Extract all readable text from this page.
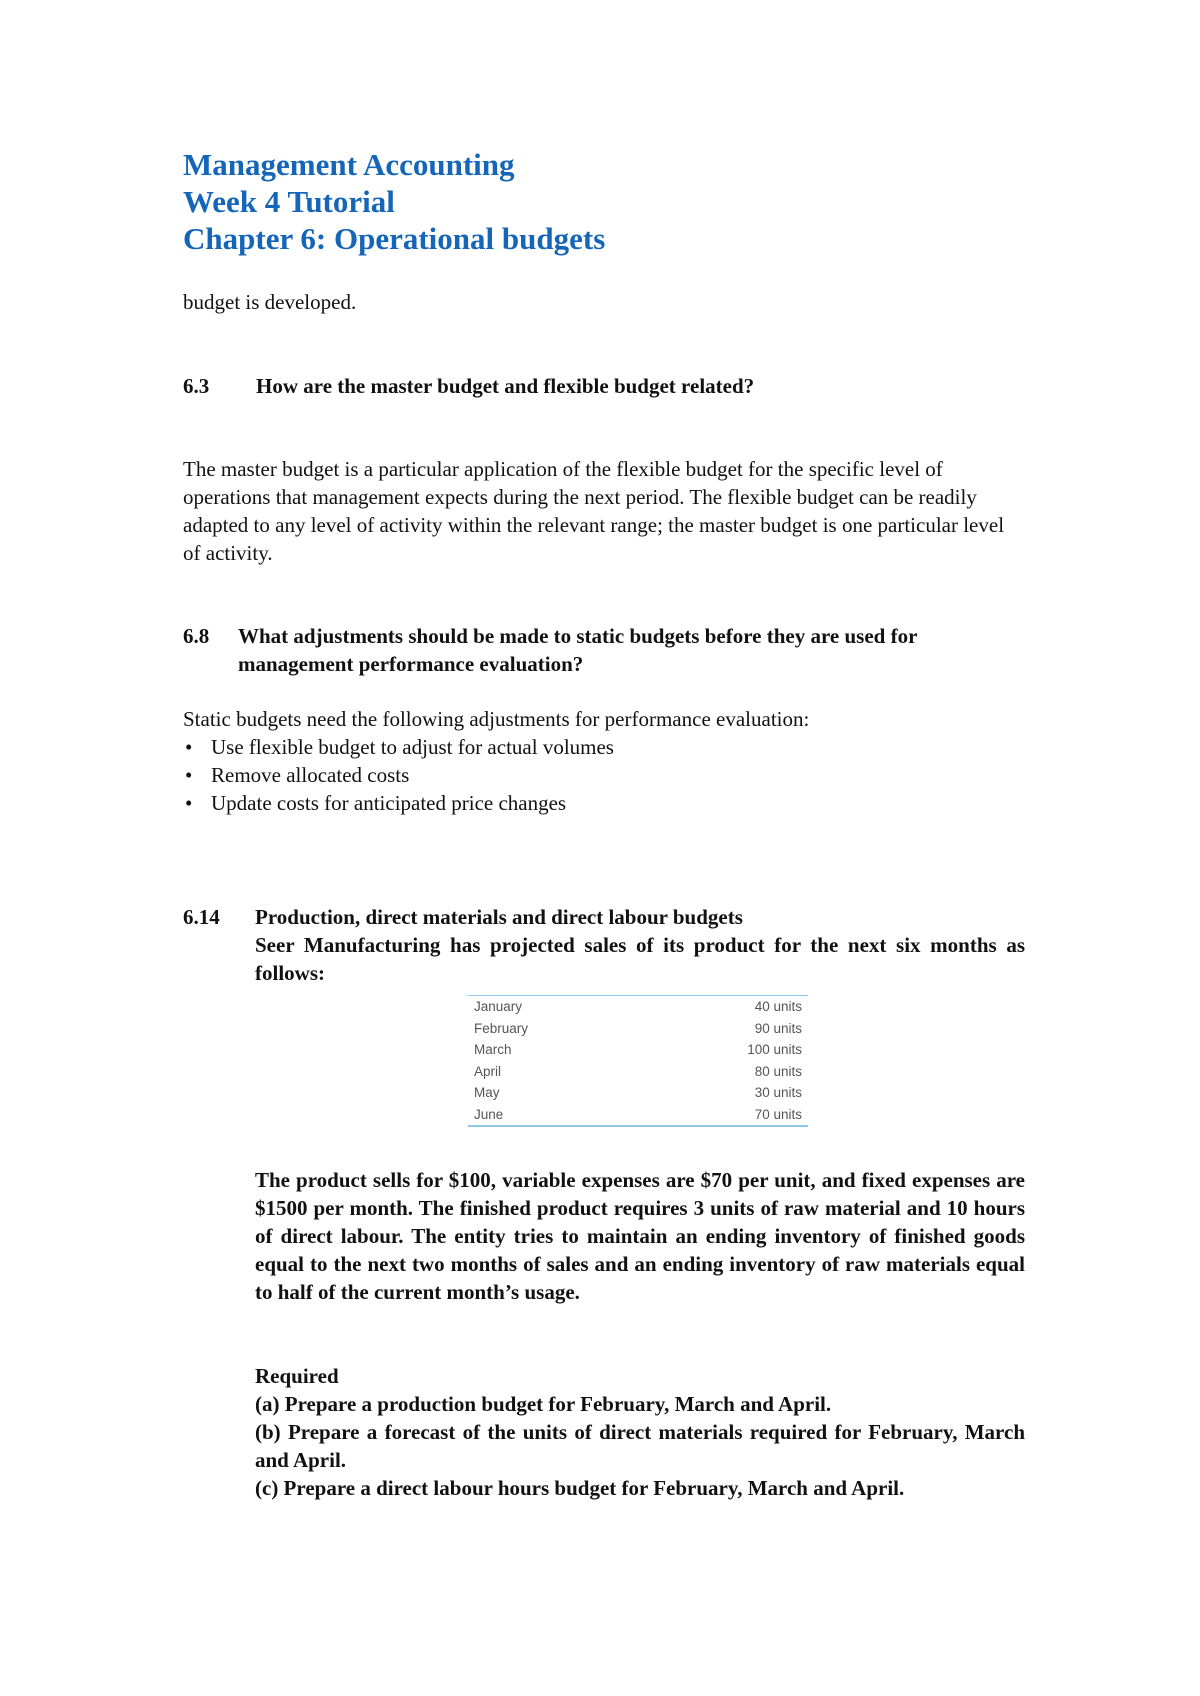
Management Accounting
Week 4 Tutorial
Chapter 6: Operational budgets
budget is developed.
6.3 How are the master budget and flexible budget related?
The master budget is a particular application of the flexible budget for the specific level of operations that management expects during the next period. The flexible budget can be readily adapted to any level of activity within the relevant range; the master budget is one particular level of activity.
6.8 What adjustments should be made to static budgets before they are used for management performance evaluation?
Static budgets need the following adjustments for performance evaluation:
• Use flexible budget to adjust for actual volumes
• Remove allocated costs
• Update costs for anticipated price changes
6.14 Production, direct materials and direct labour budgets
Seer Manufacturing has projected sales of its product for the next six months as follows:
January	40 units
February	90 units
March	100 units
April	80 units
May	30 units
June	70 units
The product sells for $100, variable expenses are $70 per unit, and fixed expenses are $1500 per month. The finished product requires 3 units of raw material and 10 hours of direct labour. The entity tries to maintain an ending inventory of finished goods equal to the next two months of sales and an ending inventory of raw materials equal to half of the current month’s usage.
Required
(a) Prepare a production budget for February, March and April.
(b) Prepare a forecast of the units of direct materials required for February, March and April.
(c) Prepare a direct labour hours budget for February, March and April.
